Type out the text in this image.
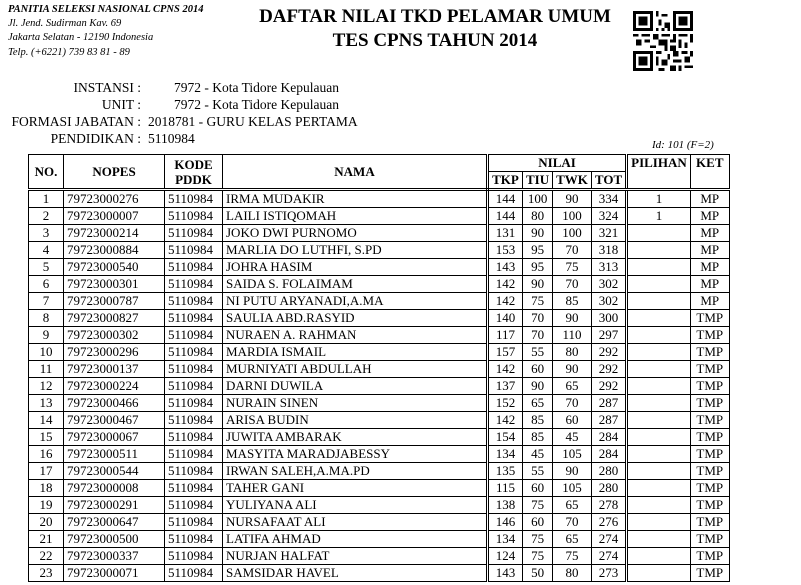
PANITIA SELEKSI NASIONAL CPNS 2014
Jl. Jend. Sudirman Kav. 69
Jakarta Selatan - 12190 Indonesia
Telp. (+6221) 739 83 81 - 89
DAFTAR NILAI TKD PELAMAR UMUM
TES CPNS TAHUN 2014
INSTANSI : 7972 - Kota Tidore Kepulauan
UNIT : 7972 - Kota Tidore Kepulauan
FORMASI JABATAN : 2018781 - GURU KELAS PERTAMA
PENDIDIKAN : 5110984	Id: 101 (F=2)
NO.	NOPES	KODE
PDDK	NAMA	NILAI				PILIHAN	KET
				TKP	TIU	TWK	TOT		
1	79723000276	5110984	IRMA MUDAKIR	144	100	90	334	1	MP
2	79723000007	5110984	LAILI ISTIQOMAH	144	80	100	324	1	MP
3	79723000214	5110984	JOKO DWI PURNOMO	131	90	100	321		MP
4	79723000884	5110984	MARLIA DO LUTHFI, S.PD	153	95	70	318		MP
5	79723000540	5110984	JOHRA HASIM	143	95	75	313		MP
6	79723000301	5110984	SAIDA S. FOLAIMAM	142	90	70	302		MP
7	79723000787	5110984	NI PUTU ARYANADI,A.MA	142	75	85	302		MP
8	79723000827	5110984	SAULIA ABD.RASYID	140	70	90	300		TMP
9	79723000302	5110984	NURAEN A. RAHMAN	117	70	110	297		TMP
10	79723000296	5110984	MARDIA ISMAIL	157	55	80	292		TMP
11	79723000137	5110984	MURNIYATI ABDULLAH	142	60	90	292		TMP
12	79723000224	5110984	DARNI DUWILA	137	90	65	292		TMP
13	79723000466	5110984	NURAIN SINEN	152	65	70	287		TMP
14	79723000467	5110984	ARISA BUDIN	142	85	60	287		TMP
15	79723000067	5110984	JUWITA AMBARAK	154	85	45	284		TMP
16	79723000511	5110984	MASYITA MARADJABESSY	134	45	105	284		TMP
17	79723000544	5110984	IRWAN SALEH,A.MA.PD	135	55	90	280		TMP
18	79723000008	5110984	TAHER GANI	115	60	105	280		TMP
19	79723000291	5110984	YULIYANA ALI	138	75	65	278		TMP
20	79723000647	5110984	NURSAFAAT ALI	146	60	70	276		TMP
21	79723000500	5110984	LATIFA AHMAD	134	75	65	274		TMP
22	79723000337	5110984	NURJAN HALFAT	124	75	75	274		TMP
23	79723000071	5110984	SAMSIDAR HAVEL	143	50	80	273		TMP
